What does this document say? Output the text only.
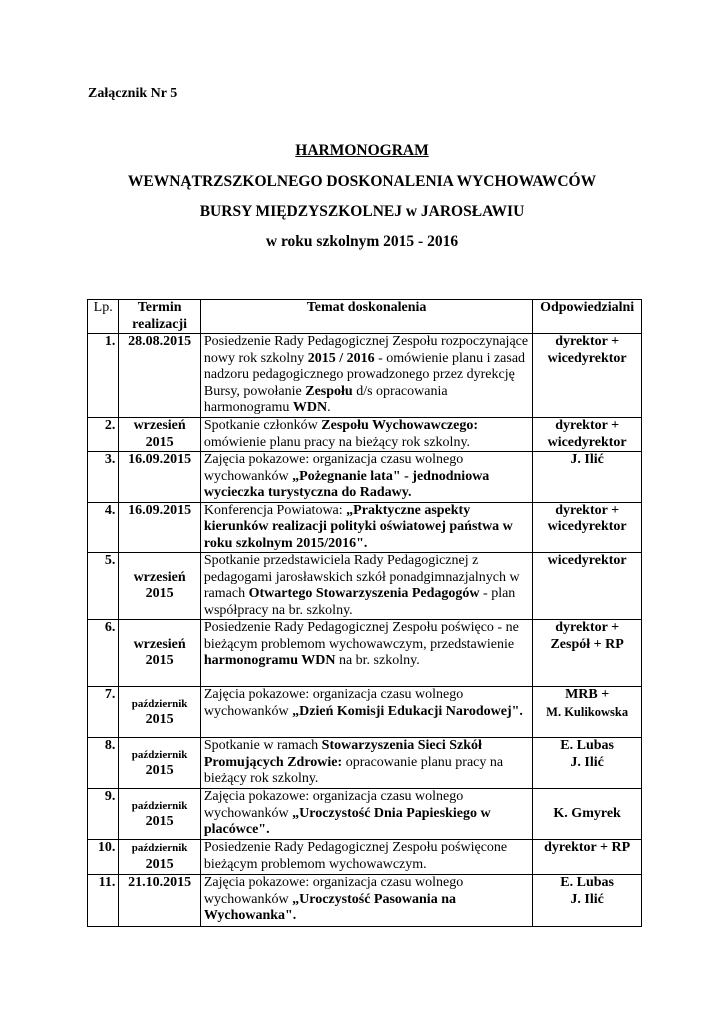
Załącznik Nr 5
HARMONOGRAM
WEWNĄTRZSZKOLNEGO DOSKONALENIA WYCHOWAWCÓW
BURSY MIĘDZYSZKOLNEJ w JAROSŁAWIU
w roku szkolnym 2015 - 2016
Lp.	Termin
realizacji	Temat doskonalenia	Odpowiedzialni
1.	28.08.2015	Posiedzenie Rady Pedagogicznej Zespołu rozpoczynające nowy rok szkolny 2015 / 2016 - omówienie planu i zasad nadzoru pedagogicznego prowadzonego przez dyrekcję Bursy, powołanie Zespołu d/s opracowania harmonogramu WDN.	dyrektor +
wicedyrektor
2.	wrzesień
2015	Spotkanie członków Zespołu Wychowawczego: omówienie planu pracy na bieżący rok szkolny.	dyrektor +
wicedyrektor
3.	16.09.2015	Zajęcia pokazowe: organizacja czasu wolnego wychowanków „Pożegnanie lata" - jednodniowa wycieczka turystyczna do Radawy.	J. Ilić
4.	16.09.2015	Konferencja Powiatowa: „Praktyczne aspekty kierunków realizacji polityki oświatowej państwa w roku szkolnym 2015/2016".	dyrektor +
wicedyrektor
5.	wrzesień
2015	Spotkanie przedstawiciela Rady Pedagogicznej z pedagogami jarosławskich szkół ponadgimnazjalnych w ramach Otwartego Stowarzyszenia Pedagogów - plan współpracy na br. szkolny.	wicedyrektor
6.	wrzesień
2015	Posiedzenie Rady Pedagogicznej Zespołu poświęco - ne bieżącym problemom wychowawczym, przedstawienie harmonogramu WDN na br. szkolny.	dyrektor +
Zespół + RP
7.	październik
2015	Zajęcia pokazowe: organizacja czasu wolnego wychowanków „Dzień Komisji Edukacji Narodowej".	MRB +
M. Kulikowska
8.	październik
2015	Spotkanie w ramach Stowarzyszenia Sieci Szkół Promujących Zdrowie: opracowanie planu pracy na bieżący rok szkolny.	E. Lubas
J. Ilić
9.	październik
2015	Zajęcia pokazowe: organizacja czasu wolnego wychowanków „Uroczystość Dnia Papieskiego w placówce".	K. Gmyrek
10.	październik
2015	Posiedzenie Rady Pedagogicznej Zespołu poświęcone bieżącym problemom wychowawczym.	dyrektor + RP
11.	21.10.2015	Zajęcia pokazowe: organizacja czasu wolnego wychowanków „Uroczystość Pasowania na Wychowanka".	E. Lubas
J. Ilić
